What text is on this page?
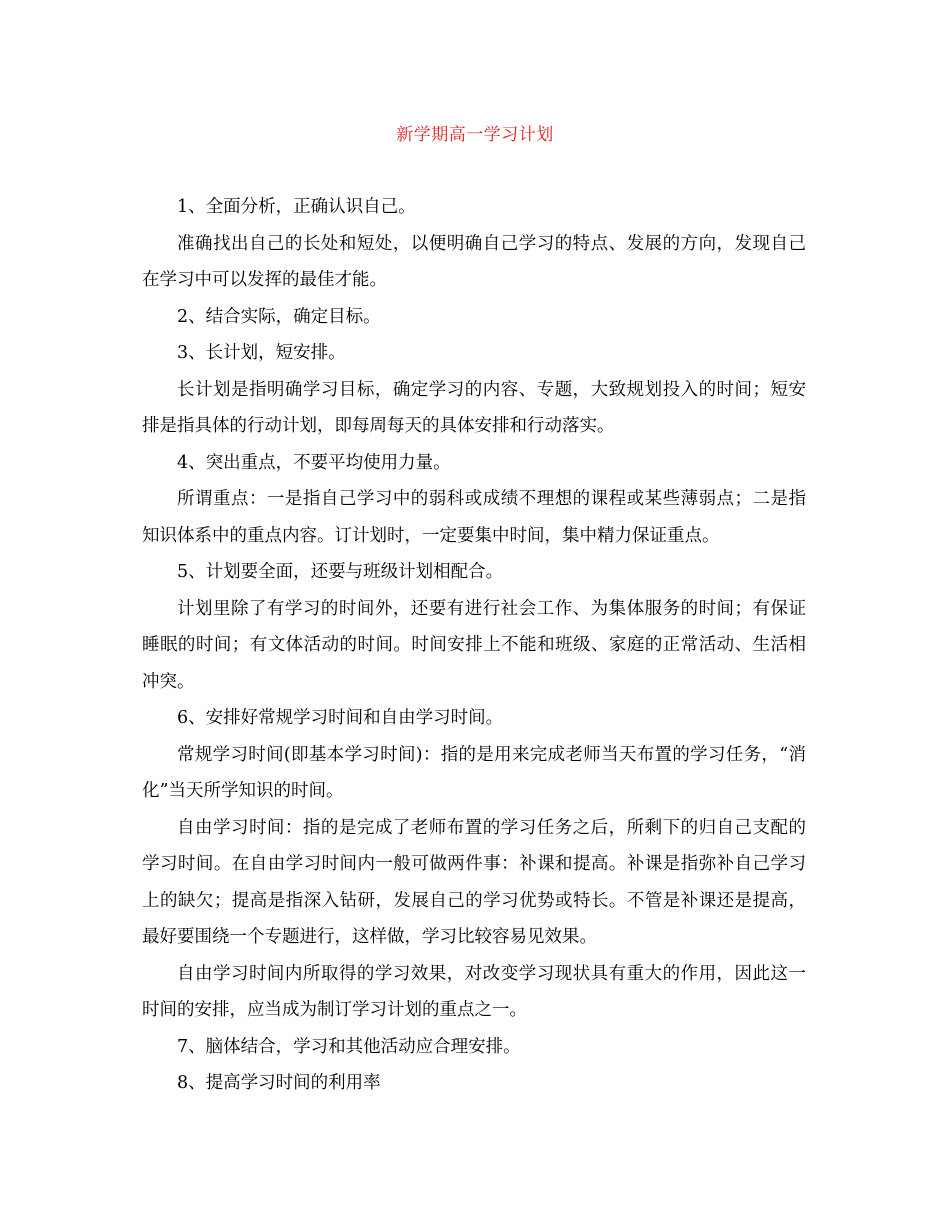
新学期高一学习计划

1、全面分析，正确认识自己。

准确找出自己的长处和短处，以便明确自己学习的特点、发展的方向，发现自己在学习中可以发挥的最佳才能。

2、结合实际，确定目标。

3、长计划，短安排。

长计划是指明确学习目标，确定学习的内容、专题，大致规划投入的时间；短安排是指具体的行动计划，即每周每天的具体安排和行动落实。

4、突出重点，不要平均使用力量。

所谓重点：一是指自己学习中的弱科或成绩不理想的课程或某些薄弱点；二是指知识体系中的重点内容。订计划时，一定要集中时间，集中精力保证重点。

5、计划要全面，还要与班级计划相配合。

计划里除了有学习的时间外，还要有进行社会工作、为集体服务的时间；有保证睡眠的时间；有文体活动的时间。时间安排上不能和班级、家庭的正常活动、生活相冲突。

6、安排好常规学习时间和自由学习时间。

常规学习时间(即基本学习时间)：指的是用来完成老师当天布置的学习任务，“消化”当天所学知识的时间。

自由学习时间：指的是完成了老师布置的学习任务之后，所剩下的归自己支配的学习时间。在自由学习时间内一般可做两件事：补课和提高。补课是指弥补自己学习上的缺欠；提高是指深入钻研，发展自己的学习优势或特长。不管是补课还是提高，最好要围绕一个专题进行，这样做，学习比较容易见效果。

自由学习时间内所取得的学习效果，对改变学习现状具有重大的作用，因此这一时间的安排，应当成为制订学习计划的重点之一。

7、脑体结合，学习和其他活动应合理安排。

8、提高学习时间的利用率
